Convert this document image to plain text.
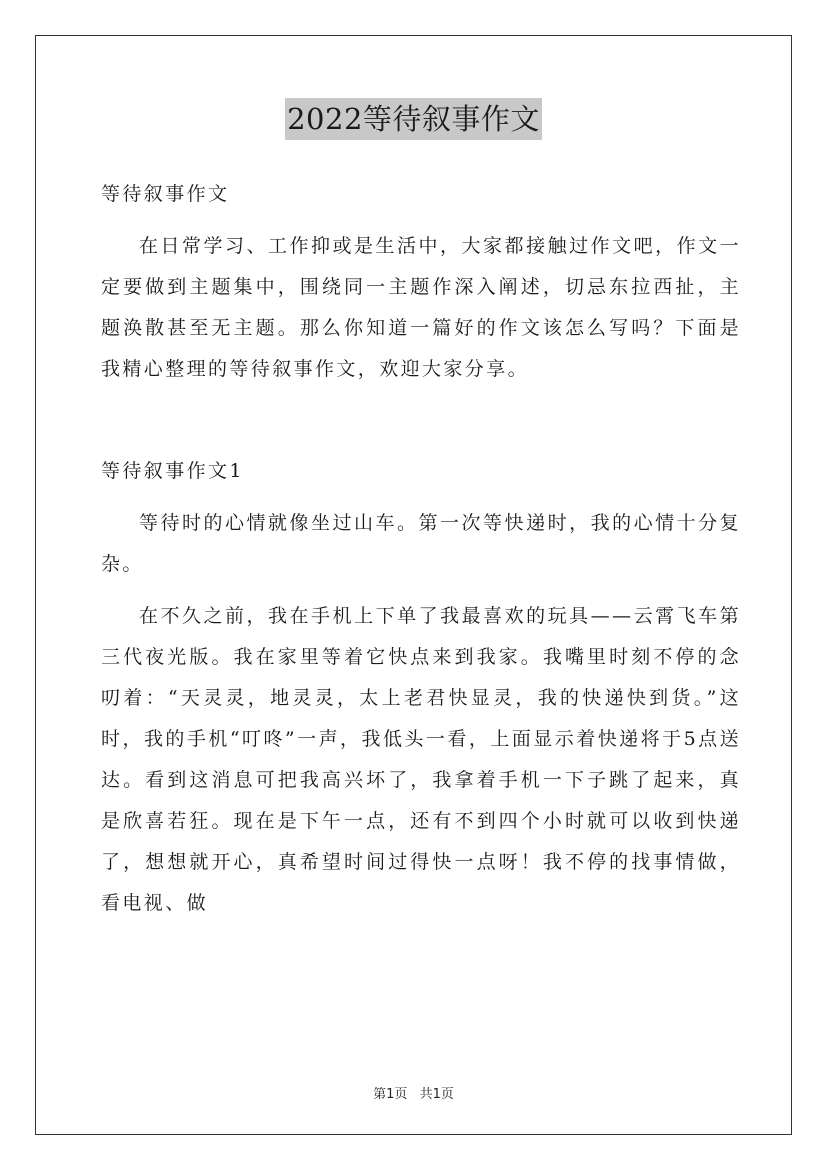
2022等待叙事作文

等待叙事作文

在日常学习、工作抑或是生活中，大家都接触过作文吧，作文一定要做到主题集中，围绕同一主题作深入阐述，切忌东拉西扯，主题涣散甚至无主题。那么你知道一篇好的作文该怎么写吗？下面是我精心整理的等待叙事作文，欢迎大家分享。

等待叙事作文1

等待时的心情就像坐过山车。第一次等快递时，我的心情十分复杂。

在不久之前，我在手机上下单了我最喜欢的玩具——云霄飞车第三代夜光版。我在家里等着它快点来到我家。我嘴里时刻不停的念叨着：“天灵灵，地灵灵，太上老君快显灵，我的快递快到货。”这时，我的手机“叮咚”一声，我低头一看，上面显示着快递将于5点送达。看到这消息可把我高兴坏了，我拿着手机一下子跳了起来，真是欣喜若狂。现在是下午一点，还有不到四个小时就可以收到快递了，想想就开心，真希望时间过得快一点呀！我不停的找事情做，看电视、做

第1页 共1页
